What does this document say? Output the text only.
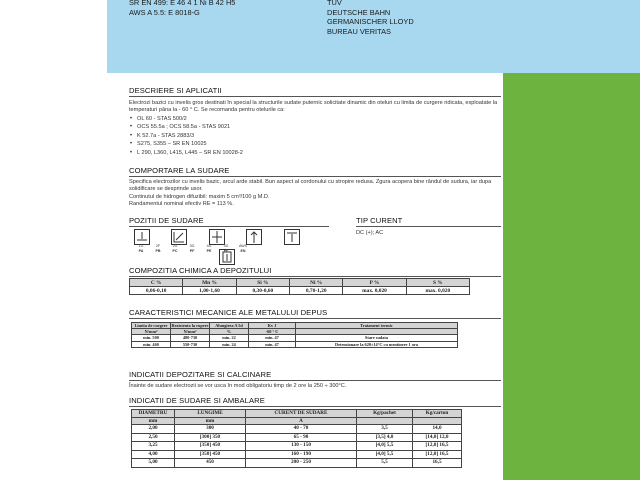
SR EN 499: E 46 4 1 Ni B 42 H5
AWS A 5.5: E 8018-G
TUV
DEUTSCHE BAHN
GERMANISCHER LLOYD
BUREAU VERITAS
DESCRIERE SI APLICATII

Electrozi bazici cu invelis gros destinati în special la structurile sudate puternic solicitate dinamic din oteluri cu limita de curgere ridicata, exploatate la temperaturi pâna la - 60 ° C. Se recomanda pentru otelurile ca:

• OL 60 - STAS 500/2
• OCS 55.5a ; OCS 58.5a - STAS 9021
• K 52.7a - STAS 2883/3
• S275, S355 – SR EN 10025
• L 290, L360, L415, L445 – SR EN 10028-2
COMPORTARE LA SUDARE

Specifica electrozilor cu invelis bazic, arcul arde stabil. Bun aspect al cordonului cu stropire redusa. Zgura acopera bine rândul de sudura, iar dupa solidificare se desprinde usor.

Continutul de hidrogen difuzibil: maxim 5 cm³/100 g M.D.

Randamentul nominal efectiv RE = 113 %.

POZITII DE SUDARE

1G	2F	2G	3G	4G	3G	AWS
PA	PB	PC	PF	PE	PF	EN
TIP CURENT

DC (+); AC

COMPOZITIA CHIMICA A DEPOZITULUI
C %	Mn %	Si %	Ni %	P %	S %
0,06-0,10	1,00-1,60	0,30-0,60	0,70-1,20	max. 0,020	max. 0,020
CARACTERISTICI MECANICE ALE METALULUI DEPUS
Limita de curgere	Rezistenta la rupere	Alungirea A 5d	Kv J	Tratament termic
N/mm²	N/mm²	%	-60 ° C	
min. 500	480-730	min. 22	min. 47	Stare sudata
min. 460	550-730	min. 24	min. 47	Detensionare la 620±14°C cu mentinere 1 ora
INDICATII DEPOZITARE SI CALCINARE

Înainte de sudare electrozii se vor usca în mod obligatoriu timp de 2 ore la 250 ÷ 300°C.

INDICATII DE SUDARE SI AMBALARE
DIAMETRU	LUNGIME	CURENT DE SUDARE	Kg/pachet	Kg/carton
mm	mm	A		
2,00	300	40 - 70	3,5	14,0
2,50	[300] 350	65 - 90	[3,5] 4,0	[14,0] 12,0
3,25	[350] 450	130 - 150	[4,0] 5,5	[12,0] 16,5
4,00	[350] 450	160 - 190	[4,0] 5,5	[12,0] 16,5
5,00	450	200 - 250	5,5	16,5
